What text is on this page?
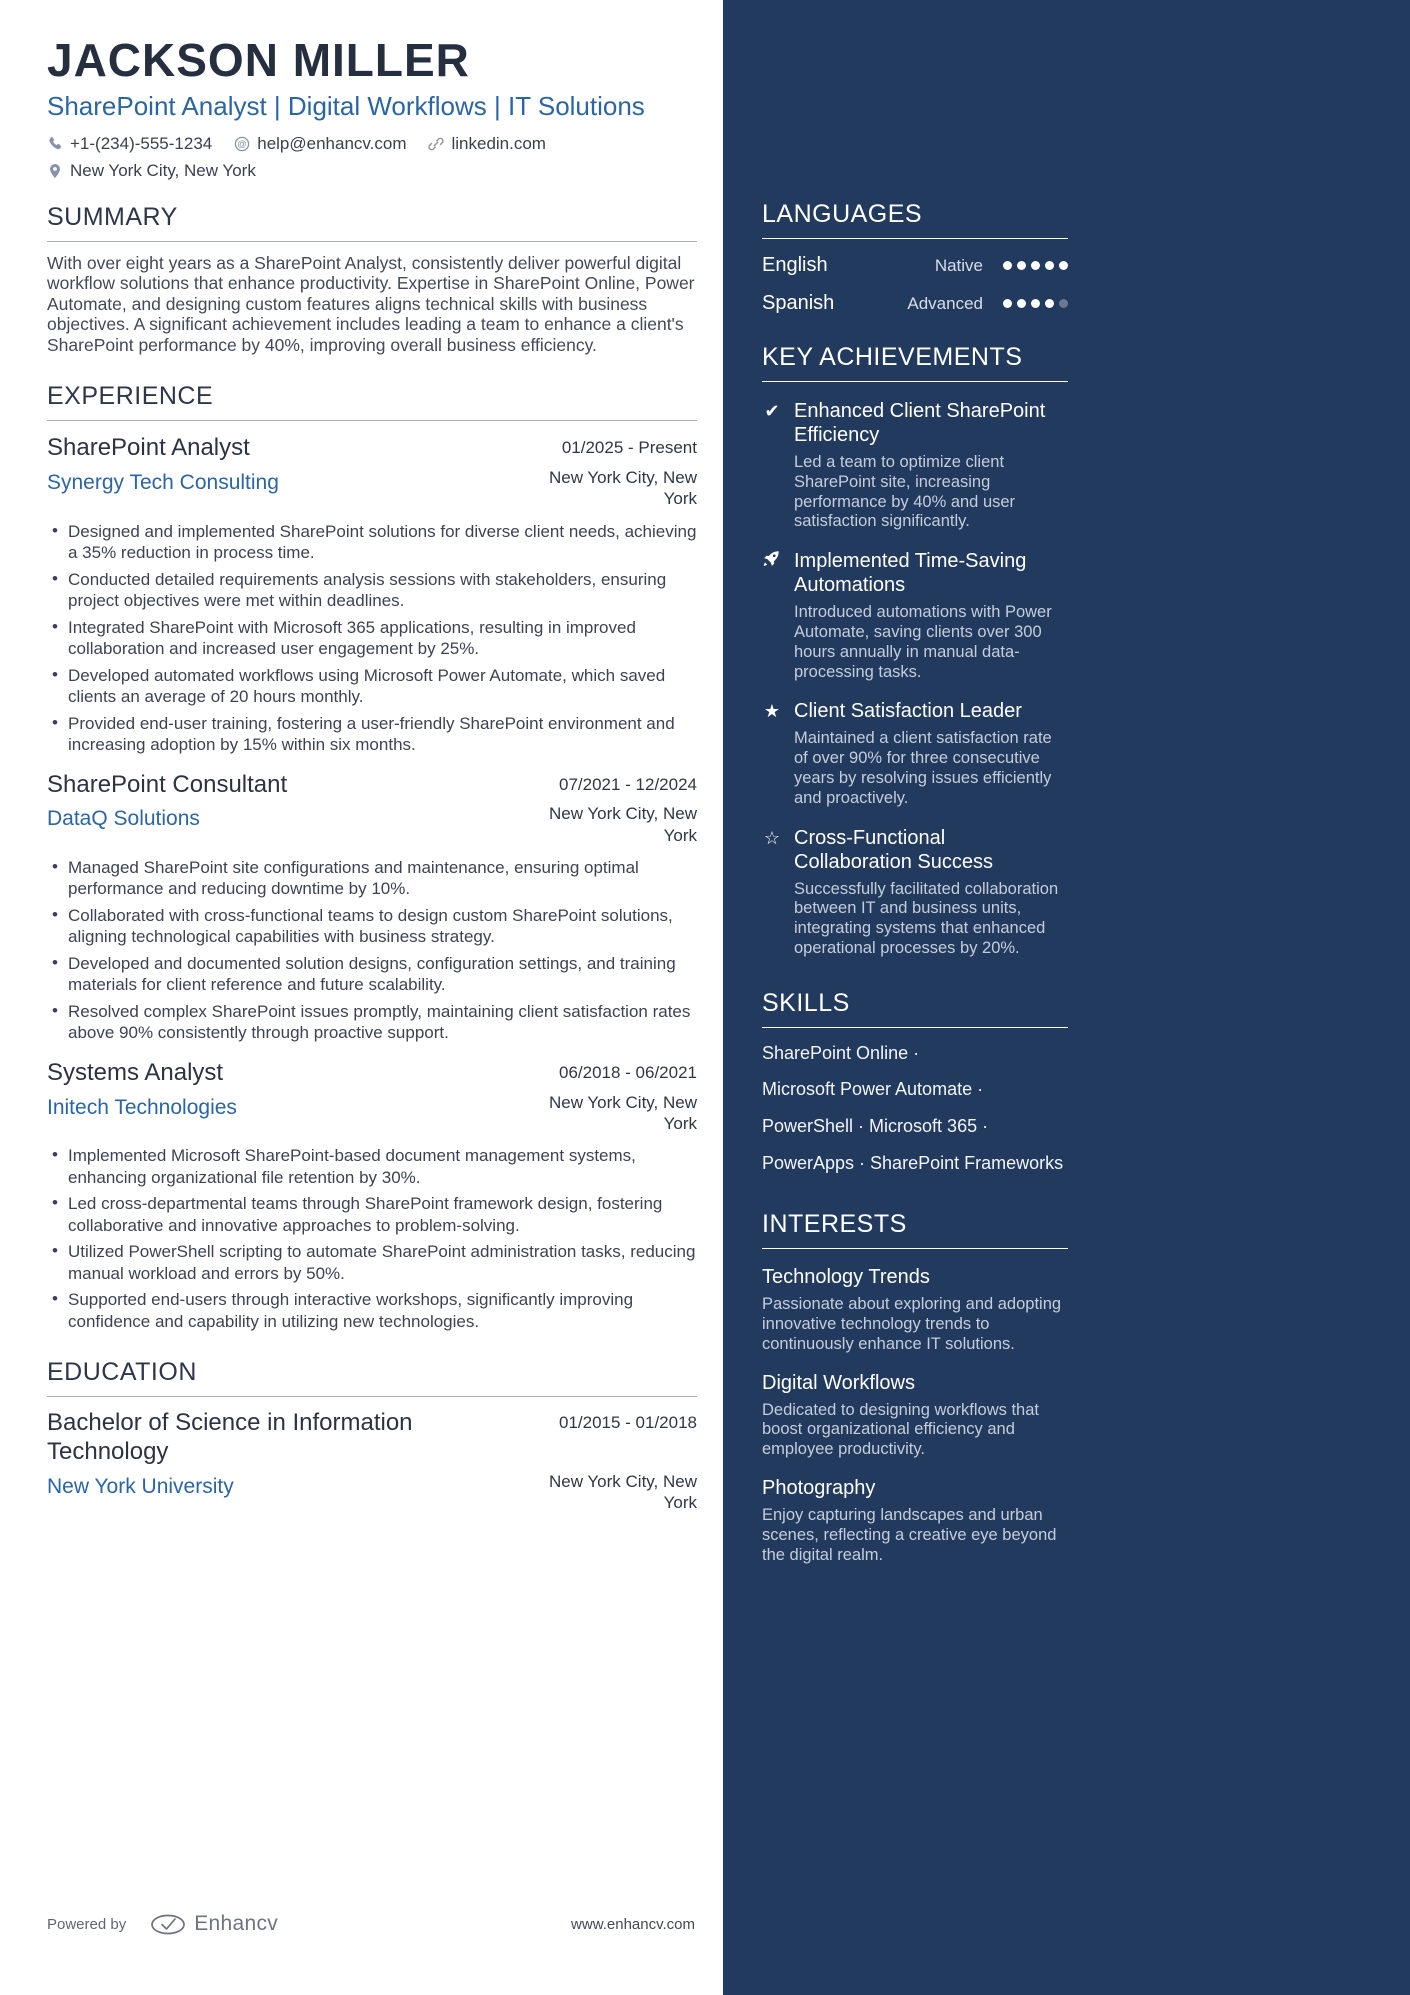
JACKSON MILLER
SharePoint Analyst | Digital Workflows | IT Solutions
+1-(234)-555-1234	@ help@enhancv.com	linkedin.com
New York City, New York
SUMMARY
With over eight years as a SharePoint Analyst, consistently deliver powerful digital workflow solutions that enhance productivity. Expertise in SharePoint Online, Power Automate, and designing custom features aligns technical skills with business objectives. A significant achievement includes leading a team to enhance a client's SharePoint performance by 40%, improving overall business efficiency.
EXPERIENCE
SharePoint Analyst	01/2025 - Present
Synergy Tech Consulting	New York City, New York
• Designed and implemented SharePoint solutions for diverse client needs, achieving a 35% reduction in process time.
• Conducted detailed requirements analysis sessions with stakeholders, ensuring project objectives were met within deadlines.
• Integrated SharePoint with Microsoft 365 applications, resulting in improved collaboration and increased user engagement by 25%.
• Developed automated workflows using Microsoft Power Automate, which saved clients an average of 20 hours monthly.
• Provided end-user training, fostering a user-friendly SharePoint environment and increasing adoption by 15% within six months.
SharePoint Consultant	07/2021 - 12/2024
DataQ Solutions	New York City, New York
• Managed SharePoint site configurations and maintenance, ensuring optimal performance and reducing downtime by 10%.
• Collaborated with cross-functional teams to design custom SharePoint solutions, aligning technological capabilities with business strategy.
• Developed and documented solution designs, configuration settings, and training materials for client reference and future scalability.
• Resolved complex SharePoint issues promptly, maintaining client satisfaction rates above 90% consistently through proactive support.
Systems Analyst	06/2018 - 06/2021
Initech Technologies	New York City, New York
• Implemented Microsoft SharePoint-based document management systems, enhancing organizational file retention by 30%.
• Led cross-departmental teams through SharePoint framework design, fostering collaborative and innovative approaches to problem-solving.
• Utilized PowerShell scripting to automate SharePoint administration tasks, reducing manual workload and errors by 50%.
• Supported end-users through interactive workshops, significantly improving confidence and capability in utilizing new technologies.
EDUCATION
Bachelor of Science in Information Technology
01/2015 - 01/2018
New York University	New York City, New York
LANGUAGES
English	Native
Spanish	Advanced
KEY ACHIEVEMENTS
✔ Enhanced Client SharePoint Efficiency
Led a team to optimize client SharePoint site, increasing performance by 40% and user satisfaction significantly.
Implemented Time-Saving Automations
Introduced automations with Power Automate, saving clients over 300 hours annually in manual data-processing tasks.
★ Client Satisfaction Leader
Maintained a client satisfaction rate of over 90% for three consecutive years by resolving issues efficiently and proactively.
☆ Cross-Functional Collaboration Success
Successfully facilitated collaboration between IT and business units, integrating systems that enhanced operational processes by 20%.
SKILLS
SharePoint Online ·
Microsoft Power Automate ·
PowerShell · Microsoft 365 ·
PowerApps · SharePoint Frameworks
INTERESTS
Technology Trends
Passionate about exploring and adopting innovative technology trends to continuously enhance IT solutions.
Digital Workflows
Dedicated to designing workflows that boost organizational efficiency and employee productivity.
Photography
Enjoy capturing landscapes and urban scenes, reflecting a creative eye beyond the digital realm.
Powered by	Enhancv	www.enhancv.com
